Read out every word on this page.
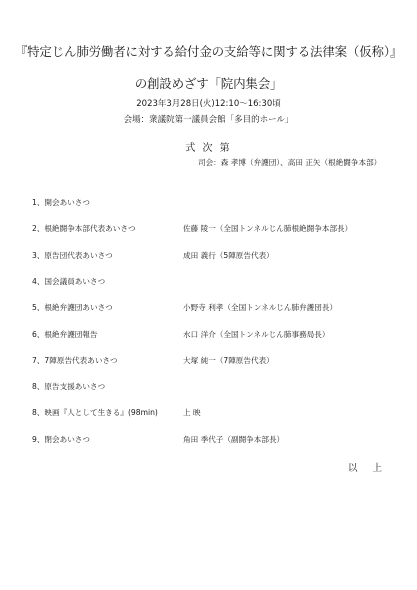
『特定じん肺労働者に対する給付金の支給等に関する法律案（仮称）』
の創設めざす「院内集会」
2023年3月28日(火)12:10〜16:30頃
会場：衆議院第一議員会館「多目的ホール」
式 次 第
司会：森 孝博（弁護団）、高田 正矢（根絶闘争本部）
1、開会あいさつ
2、根絶闘争本部代表あいさつ	佐藤 陵一（全国トンネルじん肺根絶闘争本部長）
3、原告団代表あいさつ	成田 義行（5陣原告代表）
4、国会議員あいさつ
5、根絶弁護団あいさつ	小野寺 利孝（全国トンネルじん肺弁護団長）
6、根絶弁護団報告	水口 洋介（全国トンネルじん肺事務局長）
7、7陣原告代表あいさつ	大塚 純一（7陣原告代表）
8、原告支援あいさつ
8、映画『人として生きる』(98min)	上 映
9、閉会あいさつ	角田 季代子（副闘争本部長）
以 上
